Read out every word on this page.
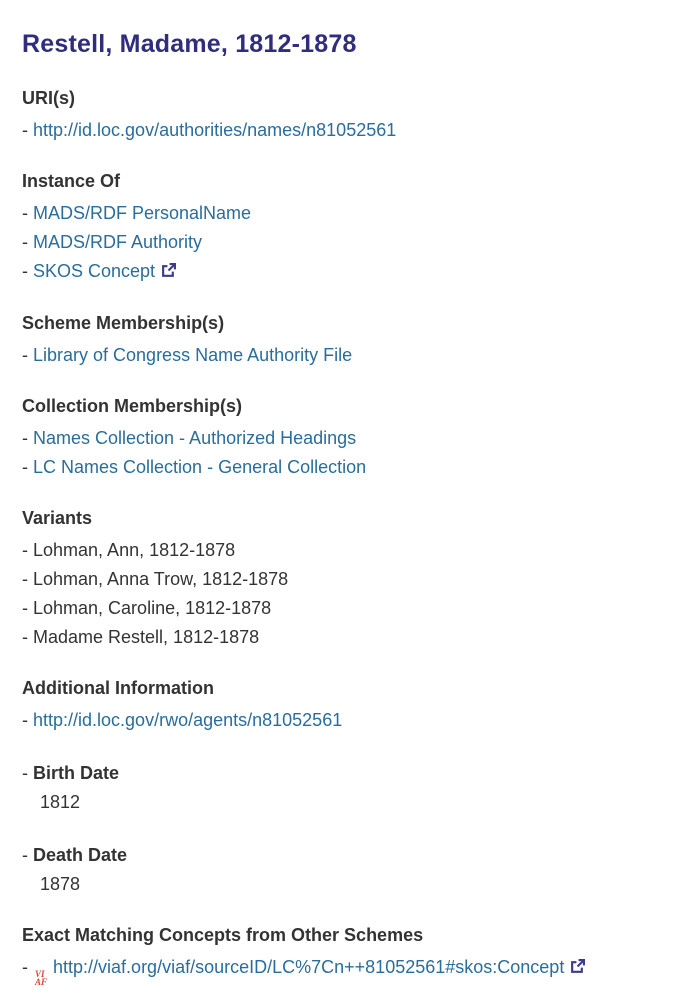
Restell, Madame, 1812-1878
URI(s)
- http://id.loc.gov/authorities/names/n81052561
Instance Of
- MADS/RDF PersonalName
- MADS/RDF Authority
- SKOS Concept
Scheme Membership(s)
- Library of Congress Name Authority File
Collection Membership(s)
- Names Collection - Authorized Headings
- LC Names Collection - General Collection
Variants
- Lohman, Ann, 1812-1878
- Lohman, Anna Trow, 1812-1878
- Lohman, Caroline, 1812-1878
- Madame Restell, 1812-1878
Additional Information
- http://id.loc.gov/rwo/agents/n81052561
- Birth Date
1812
- Death Date
1878
Exact Matching Concepts from Other Schemes
- VI
AF
http://viaf.org/viaf/sourceID/LC%7Cn++81052561#skos:Concept
